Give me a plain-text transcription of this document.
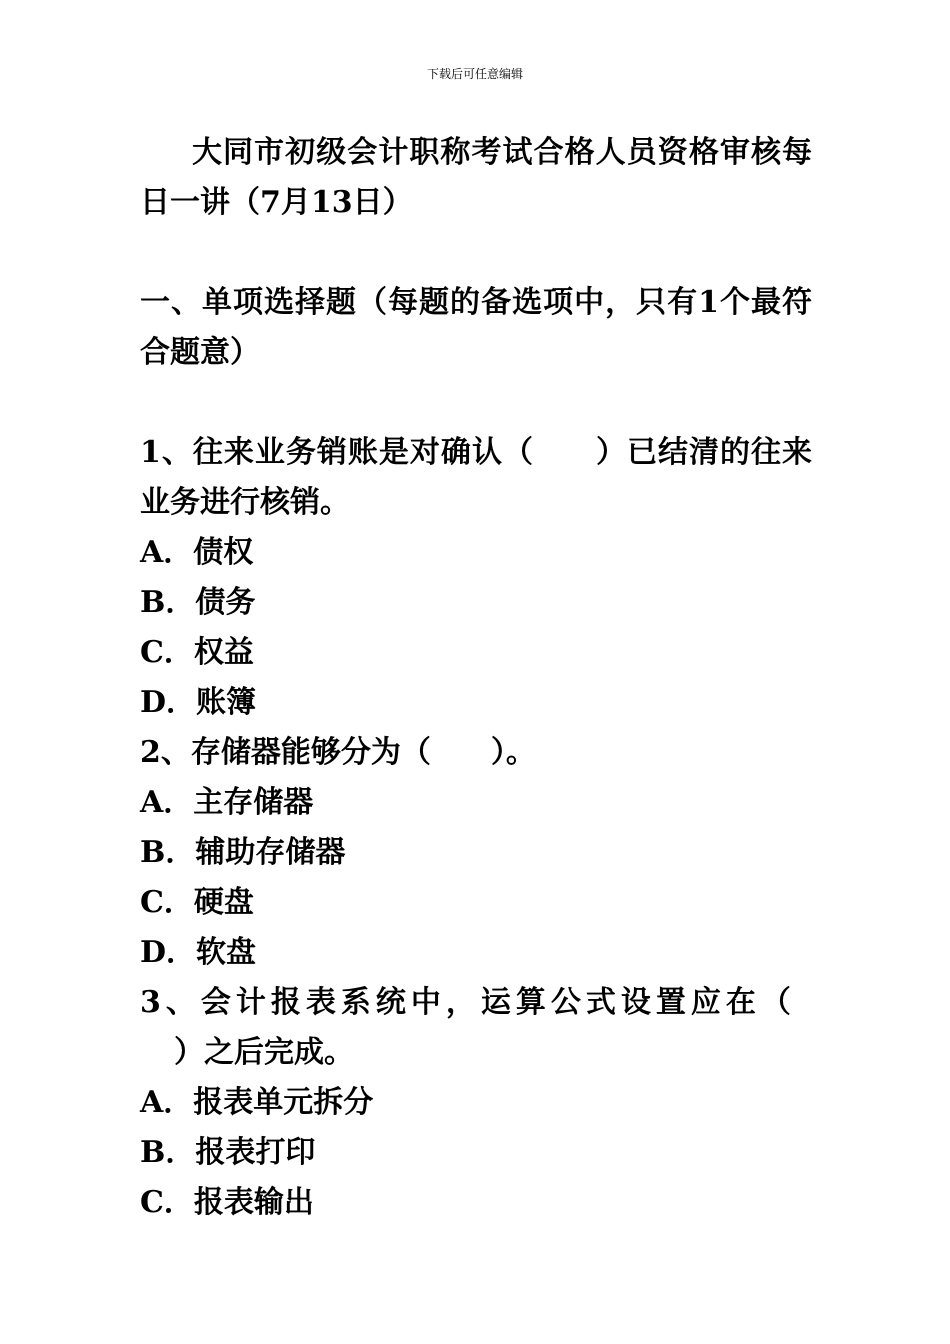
下载后可任意编辑

大同市初级会计职称考试合格人员资格审核每日一讲（7月13日）

一、单项选择题（每题的备选项中，只有1个最符合题意）

1、往来业务销账是对确认（　　）已结清的往来业务进行核销。

A．债权

B．债务

C．权益

D．账簿

2、存储器能够分为（　　）。

A．主存储器

B．辅助存储器

C．硬盘

D．软盘

3、会计报表系统中，运算公式设置应在（

）之后完成。

A．报表单元拆分

B．报表打印

C．报表输出
